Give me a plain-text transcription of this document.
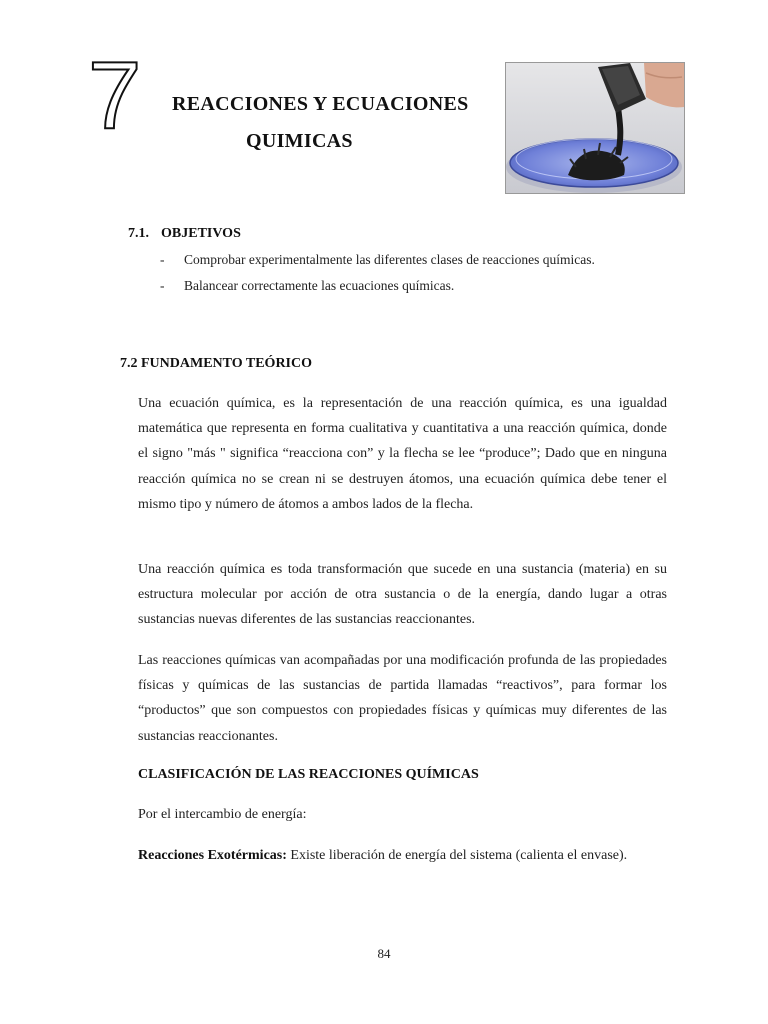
7 REACCIONES Y ECUACIONES
QUIMICAS
7.1. OBJETIVOS
- Comprobar experimentalmente las diferentes clases de reacciones químicas.
- Balancear correctamente las ecuaciones químicas.
7.2 FUNDAMENTO TEÓRICO

Una ecuación química, es la representación de una reacción química, es una igualdad matemática que representa en forma cualitativa y cuantitativa a una reacción química, donde el signo "más " significa “reacciona con” y la flecha se lee “produce”; Dado que en ninguna reacción química no se crean ni se destruyen átomos, una ecuación química debe tener el mismo tipo y número de átomos a ambos lados de la flecha.

Una reacción química es toda transformación que sucede en una sustancia (materia) en su estructura molecular por acción de otra sustancia o de la energía, dando lugar a otras sustancias nuevas diferentes de las sustancias reaccionantes.

Las reacciones químicas van acompañadas por una modificación profunda de las propiedades físicas y químicas de las sustancias de partida llamadas “reactivos”, para formar los “productos” que son compuestos con propiedades físicas y químicas muy diferentes de las sustancias reaccionantes.

CLASIFICACIÓN DE LAS REACCIONES QUÍMICAS

Por el intercambio de energía:

Reacciones Exotérmicas: Existe liberación de energía del sistema (calienta el envase).

84
